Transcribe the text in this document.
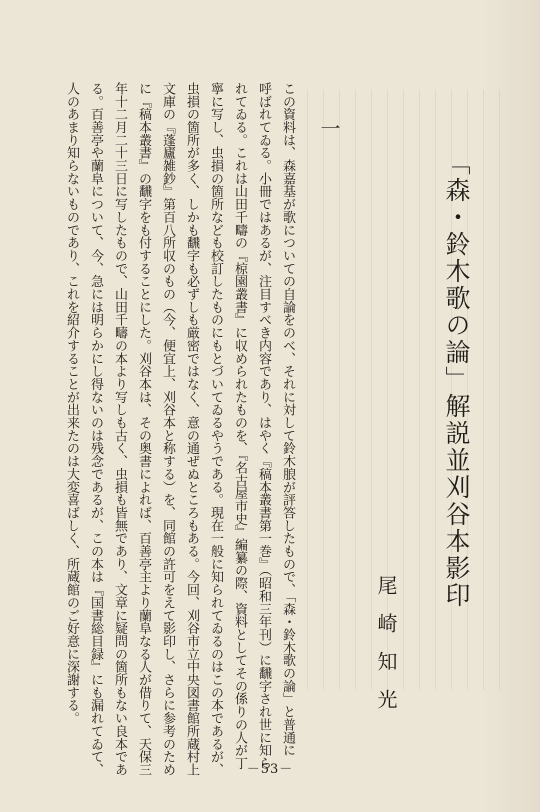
「森・鈴木歌の論」解説並刈谷本影印
尾崎知光
一
この資料は、森嘉基が歌についての自論をのべ、それに対して鈴木朖が評答したもので、「森・鈴木歌の論」と普通に
呼ばれてゐる。小冊ではあるが、注目すべき内容であり、はやく『稿本叢書第一巻』（昭和三年刊）に飜字され世に知ら
れてゐる。これは山田千疇の『椋園叢書』に収められたものを、『名古屋市史』編纂の際、資料としてその係りの人が丁
寧に写し、虫損の箇所なども校訂したものにもとづいてゐるやうである。現在一般に知られてゐるのはこの本であるが、
虫損の箇所が多く、しかも飜字も必ずしも厳密ではなく、意の通ぜぬところもある。今回、刈谷市立中央図書館所蔵村上
文庫の『蓬廬雑鈔』第百八所収のもの（今、便宜上、刈谷本と称する）を、同館の許可をえて影印し、さらに参考のため
に『稿本叢書』の飜字をも付することにした。刈谷本は、その奥書によれば、百善亭主より蘭阜なる人が借りて、天保三
年十二月二十三日に写したもので、山田千疇の本より写しも古く、虫損も皆無であり、文章に疑問の箇所もない良本であ
る。百善亭や蘭阜について、今、急には明らかにし得ないのは残念であるが、この本は『国書総目録』にも漏れてゐて、
人のあまり知らないものであり、これを紹介することが出来たのは大変喜ばしく、所蔵館のご好意に深謝する。
－53－
